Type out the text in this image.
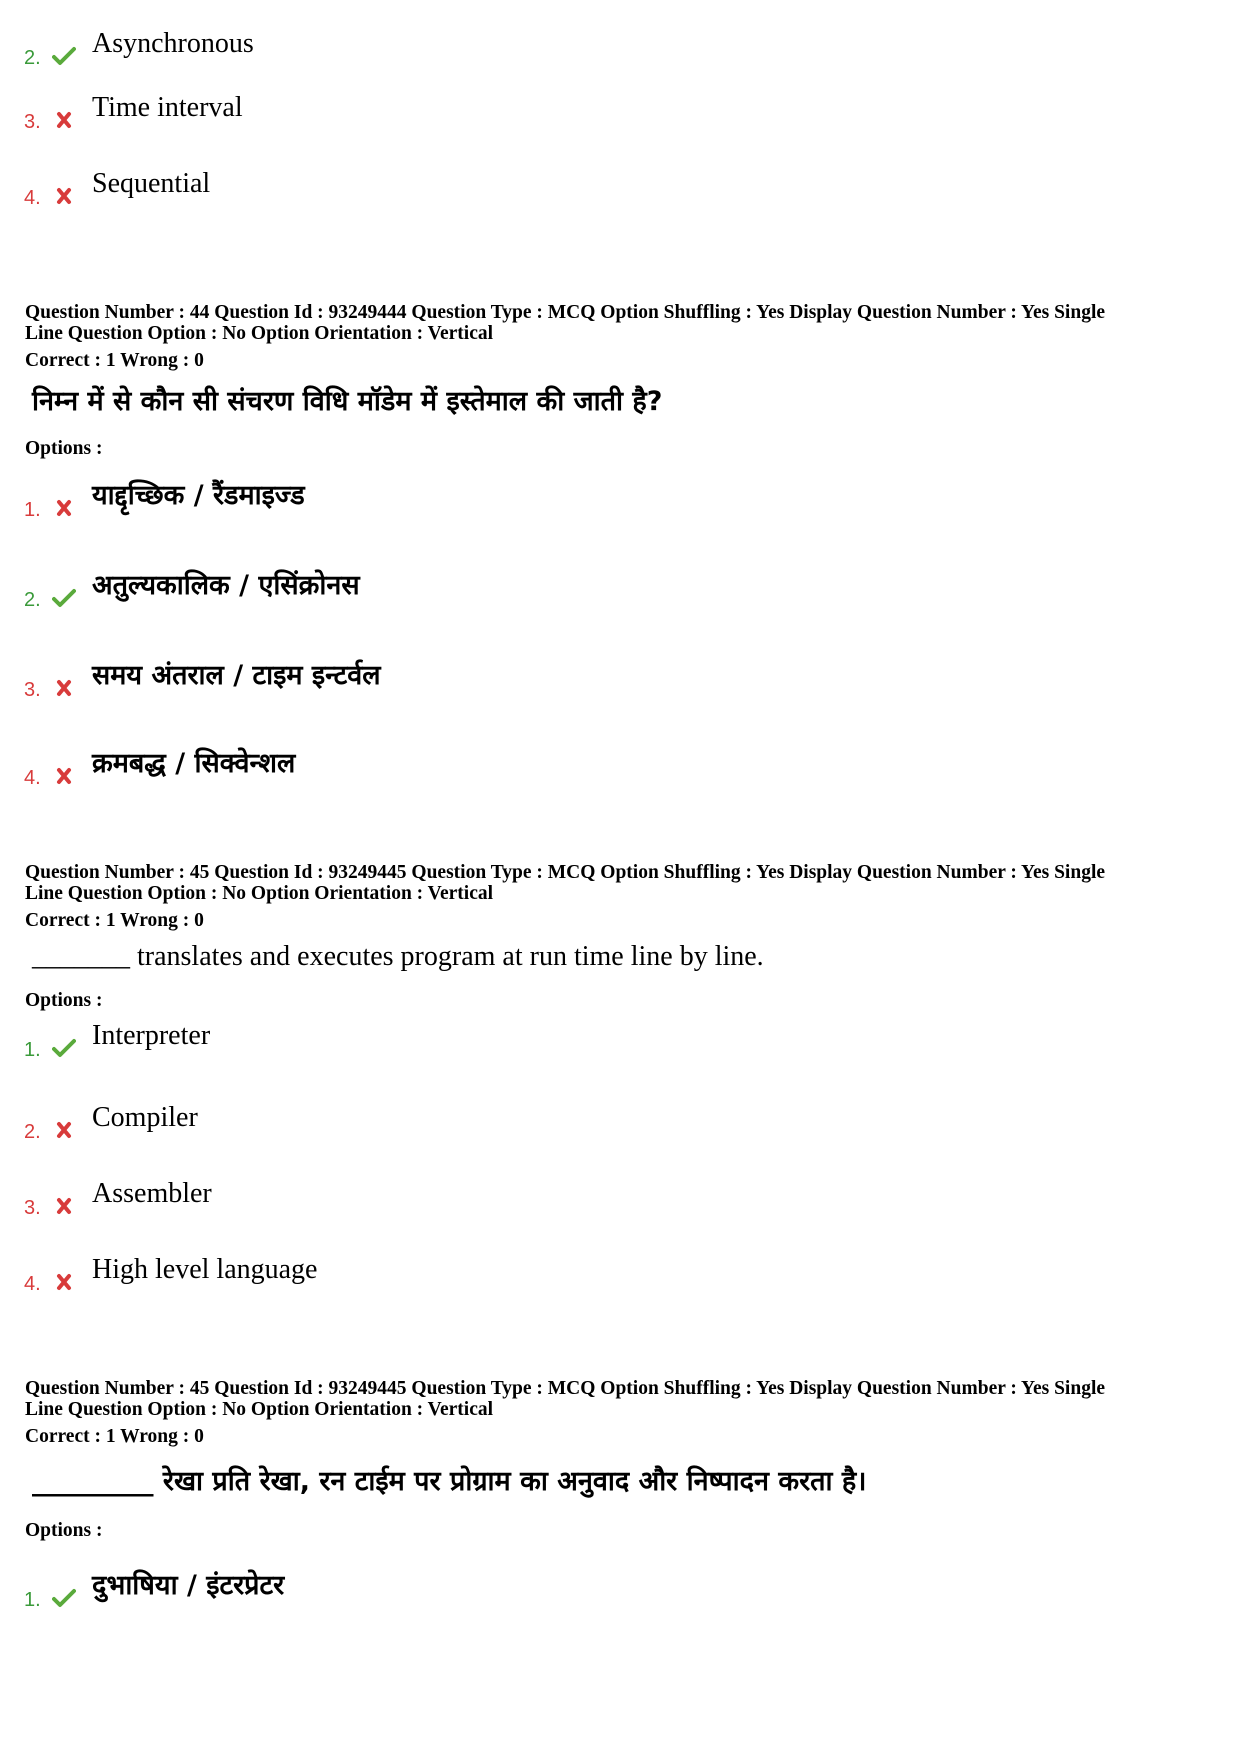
2. Asynchronous
3. Time interval
4. Sequential
Question Number : 44 Question Id : 93249444 Question Type : MCQ Option Shuffling : Yes Display Question Number : Yes Single
Line Question Option : No Option Orientation : Vertical
Correct : 1 Wrong : 0
निम्न में से कौन सी संचरण विधि मॉडेम में इस्तेमाल की जाती है?
Options :
1. याद्दृच्छिक / रैंडमाइज्ड
2. अतुल्यकालिक / एसिंक्रोनस
3. समय अंतराल / टाइम इन्टर्वल
4. क्रमबद्ध / सिक्वेन्शल
Question Number : 45 Question Id : 93249445 Question Type : MCQ Option Shuffling : Yes Display Question Number : Yes Single
Line Question Option : No Option Orientation : Vertical
Correct : 1 Wrong : 0
_______ translates and executes program at run time line by line.
Options :
1. Interpreter
2. Compiler
3. Assembler
4. High level language
Question Number : 45 Question Id : 93249445 Question Type : MCQ Option Shuffling : Yes Display Question Number : Yes Single
Line Question Option : No Option Orientation : Vertical
Correct : 1 Wrong : 0
_________ रेखा प्रति रेखा, रन टाईम पर प्रोग्राम का अनुवाद और निष्पादन करता है।
Options :
1. दुभाषिया / इंटरप्रेटर
